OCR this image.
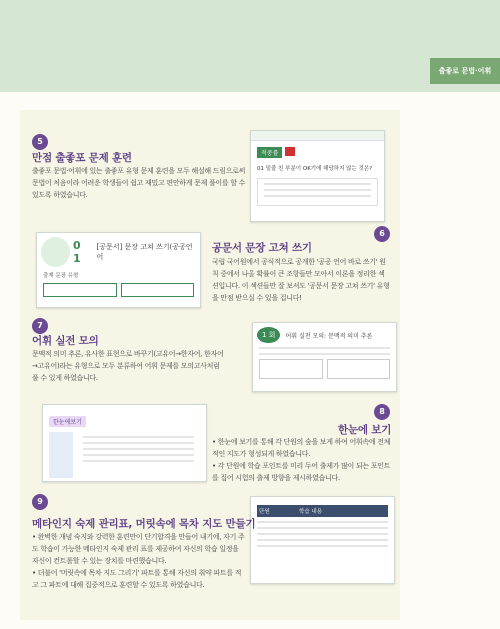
출좋로 문법·어휘
5
만점 출좋포 문제 훈련
출좋포 문법·어휘에 있는 출좋포 유형 문제 훈련을 모두 해설해 드림으로써 문법이 처음이라 어려운 학생들이 쉽고 재밌고 편안하게 문제 풀이를 할 수 있도록 하였습니다.
적중률
01 밑줄 친 부분이 OK기에 해당하지 않는 것은?
6
공문서 문장 고쳐 쓰기
국립 국어원에서 공식적으로 공개한 '공공 언어 바로 쓰기' 원칙 중에서 나올 확률이 큰 조항들만 모아서 이론을 정리한 섹션입니다. 이 섹션들만 잘 보셔도 '공문서 문장 고쳐 쓰기' 유형을 만점 받으실 수 있을 겁니다!
0 1
[공문서] 문장 고쳐 쓰기(공공언어
출제 문장 유형
7
어휘 실전 모의
문맥적 의미 추론, 유사한 표현으로 바꾸기(고유어→한자어, 한자어→고유어)라는 유형으로 모두 분류하여 어휘 문제를 모의고사처럼 풀 수 있게 하였습니다.
1 회	어휘 실전 모의: 문맥적 의미 추론
8
한눈에 보기
• 한눈에 보기를 통해 각 단원의 숲을 보게 하여 어휘속에 전체적인 지도가 형성되게 하였습니다.
• 각 단원에 학습 포인트를 미리 두어 출제가 많이 되는 포인트를 집어 시험의 출제 방향을 제시하였습니다.
한눈에보기
9
메타인지 숙제 관리표, 머릿속에 목차 지도 만들기
• 완벽한 개념 숙지와 강력한 훈련만이 단기합격을 만들어 내기에, 자기 주도 학습이 가능한 메타인지 숙제 관리 표를 제공하여 자신의 학습 일정을 자신이 컨트롤할 수 있는 장치를 마련했습니다.
• 더불어 '머릿속에 목차 지도 그리기' 파트를 통해 자신의 취약 파트를 적고 그 파트에 대해 집중적으로 훈련할 수 있도록 하였습니다.
단원	학습 내용
